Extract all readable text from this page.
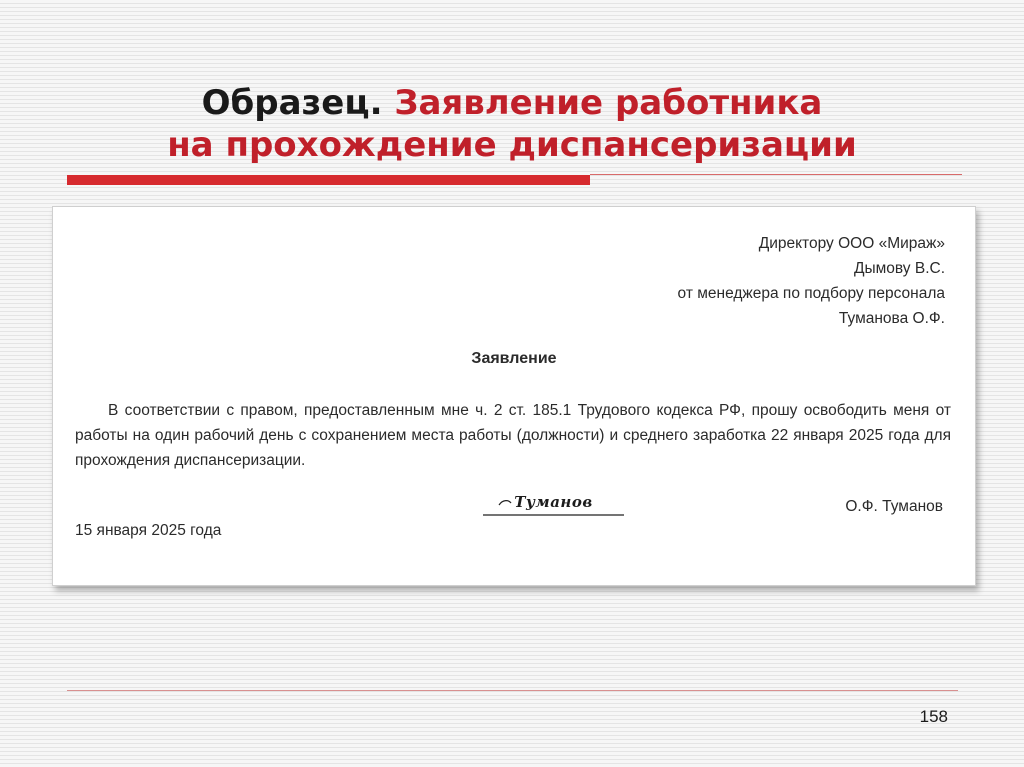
Образец. Заявление работника
на прохождение диспансеризации
Директору ООО «Мираж»
Дымову В.С.
от менеджера по подбору персонала
Туманова О.Ф.
Заявление
В соответствии с правом, предоставленным мне ч. 2 ст. 185.1 Трудового кодекса РФ, прошу освободить меня от работы на один рабочий день с сохранением места работы (должности) и среднего заработка 22 января 2025 года для прохождения диспансеризации.
Туманов	О.Ф. Туманов
15 января 2025 года
158
